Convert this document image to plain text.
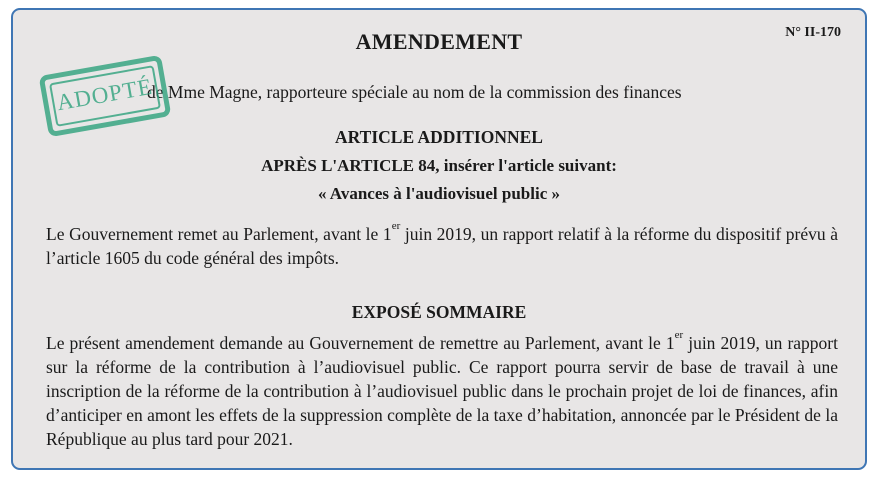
AMENDEMENT	N° II-170
de Mme Magne, rapporteure spéciale au nom de la commission des finances
ADOPTÉ
ARTICLE ADDITIONNEL
APRÈS L'ARTICLE 84, insérer l'article suivant:
« Avances à l'audiovisuel public »
Le Gouvernement remet au Parlement, avant le 1er juin 2019, un rapport relatif à la réforme du dispositif prévu à l’article 1605 du code général des impôts.
EXPOSÉ SOMMAIRE
Le présent amendement demande au Gouvernement de remettre au Parlement, avant le 1er juin 2019, un rapport sur la réforme de la contribution à l’audiovisuel public. Ce rapport pourra servir de base de travail à une inscription de la réforme de la contribution à l’audiovisuel public dans le prochain projet de loi de finances, afin d’anticiper en amont les effets de la suppression complète de la taxe d’habitation, annoncée par le Président de la République au plus tard pour 2021.
